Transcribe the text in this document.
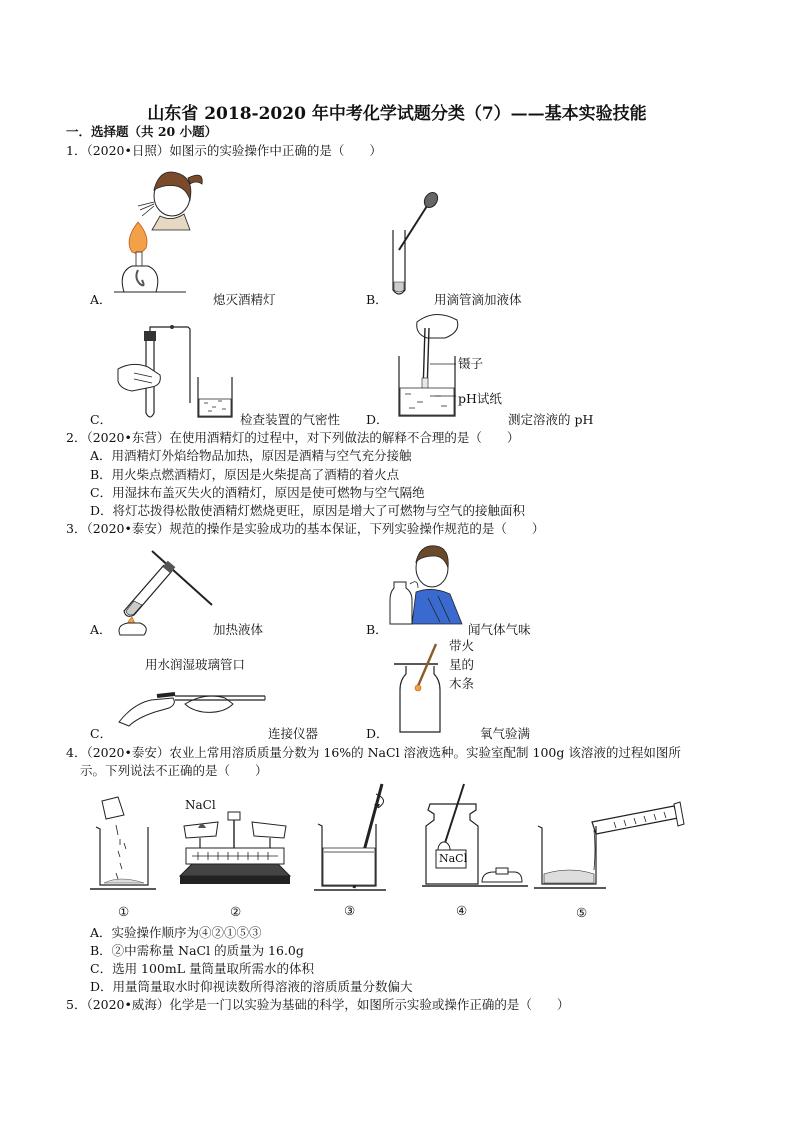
山东省 2018-2020 年中考化学试题分类（7）——基本实验技能
一．选择题（共 20 小题）
1．（2020•日照）如图示的实验操作中正确的是（　　）
A．	熄灭酒精灯	B．	用滴管滴加液体
C．	检查装置的气密性
镊子
pH试纸
D．	测定溶液的 pH
2．（2020•东营）在使用酒精灯的过程中，对下列做法的解释不合理的是（　　）
A．用酒精灯外焰给物品加热，原因是酒精与空气充分接触
B．用火柴点燃酒精灯，原因是火柴提高了酒精的着火点
C．用湿抹布盖灭失火的酒精灯，原因是使可燃物与空气隔绝
D．将灯芯拨得松散使酒精灯燃烧更旺，原因是增大了可燃物与空气的接触面积
3．（2020•泰安）规范的操作是实验成功的基本保证，下列实验操作规范的是（　　）
A．	加热液体	B．	闻气体气味
用水润湿玻璃管口
C．	连接仪器
带火
星的
木条
D．	氧气验满
4．（2020•泰安）农业上常用溶质质量分数为 16%的 NaCl 溶液选种。实验室配制 100g 该溶液的过程如图所
示。下列说法不正确的是（　　）
NaCl
NaCl
①	②	③	④	⑤
A．实验操作顺序为④②①⑤③
B．②中需称量 NaCl 的质量为 16.0g
C．选用 100mL 量筒量取所需水的体积
D．用量筒量取水时仰视读数所得溶液的溶质质量分数偏大
5．（2020•威海）化学是一门以实验为基础的科学，如图所示实验或操作正确的是（　　）
